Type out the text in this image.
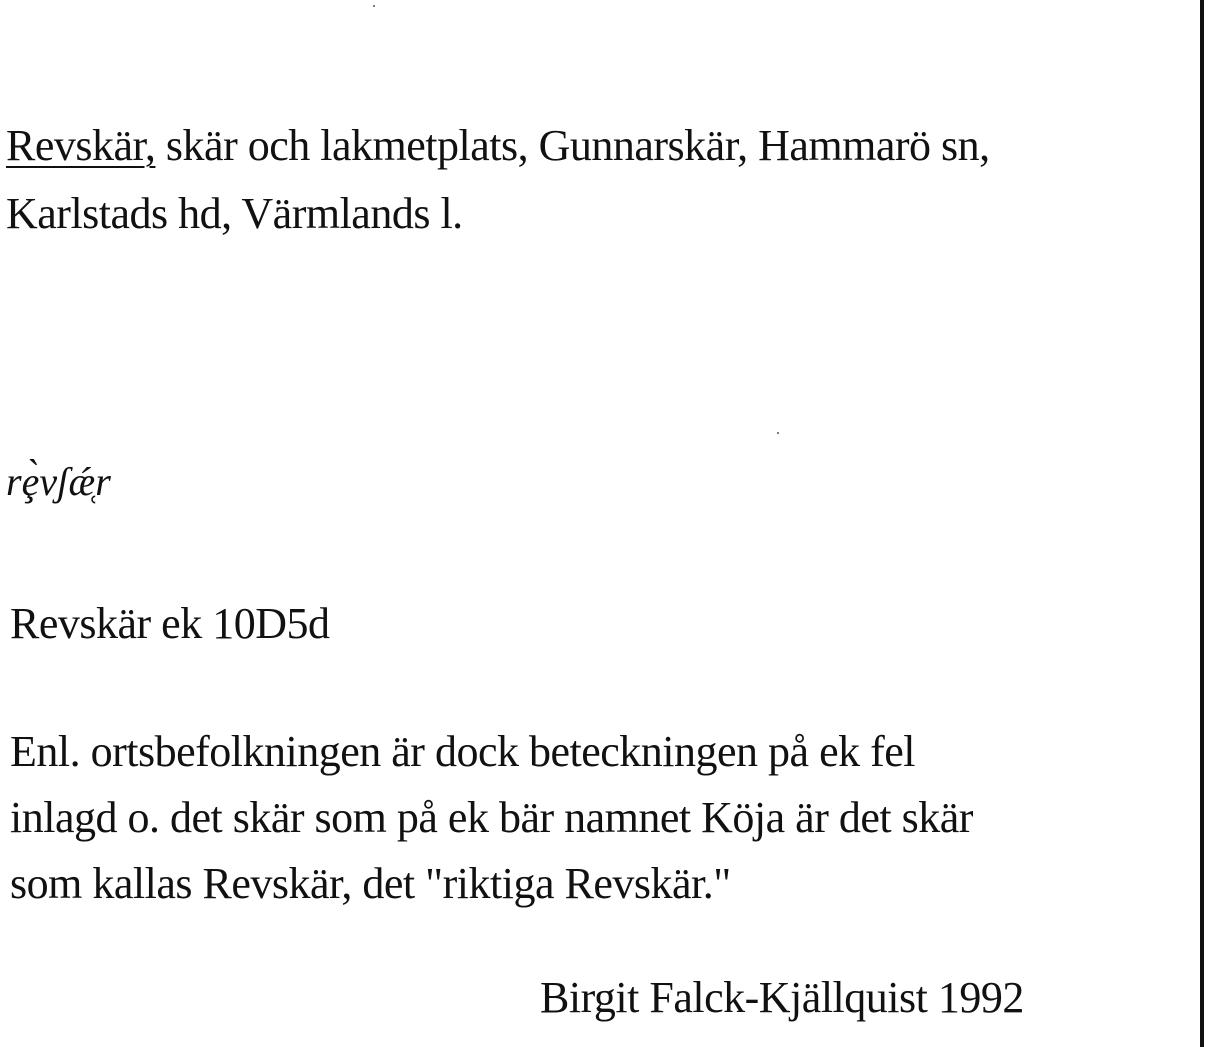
Revskär, skär och lakmetplats, Gunnarskär, Hammarö sn,
Karlstads hd, Värmlands l.
rȩ̀vʃǽ̜r
Revskär ek 10D5d
Enl. ortsbefolkningen är dock beteckningen på ek fel
inlagd o. det skär som på ek bär namnet Köja är det skär
som kallas Revskär, det "riktiga Revskär."
Birgit Falck-Kjällquist 1992
